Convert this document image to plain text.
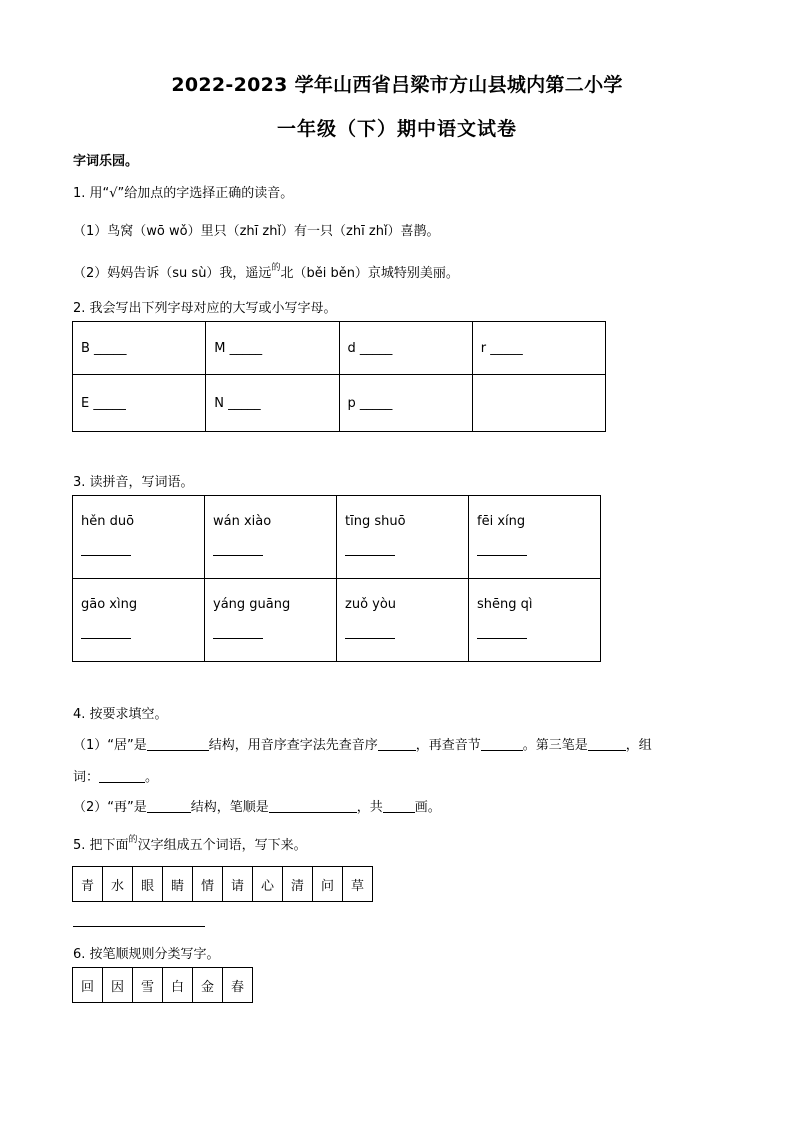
2022-2023 学年山西省吕梁市方山县城内第二小学
一年级（下）期中语文试卷
字词乐园。
1. 用“√”给加点的字选择正确的读音。
（1）鸟窝（wō wǒ）里只（zhī zhǐ）有一只（zhī zhǐ）喜鹊。
（2）妈妈告诉（su sù）我，遥远$^的$北（běi běn）京城特别美丽。
2. 我会写出下列字母对应的大写或小写字母。
B _____	M _____	d _____	r _____
E _____	N _____	p _____	
3. 读拼音，写词语。
hěn duō	wán xiào	tīng shuō	fēi xíng

gāo xìng	yáng guāng	zuǒ yòu	shēng qì
4. 按要求填空。
（1）“居”是	结构，用音序查字法先查音序	，再查音节	。第三笔是	，组
词：	。
（2）“再”是	结构，笔顺是	，共 画。
5. 把下面$^的$汉字组成五个词语，写下来。
青	水	眼	睛	情	请	心	清	问	草
6. 按笔顺规则分类写字。
回	因	雪	白	金	春
